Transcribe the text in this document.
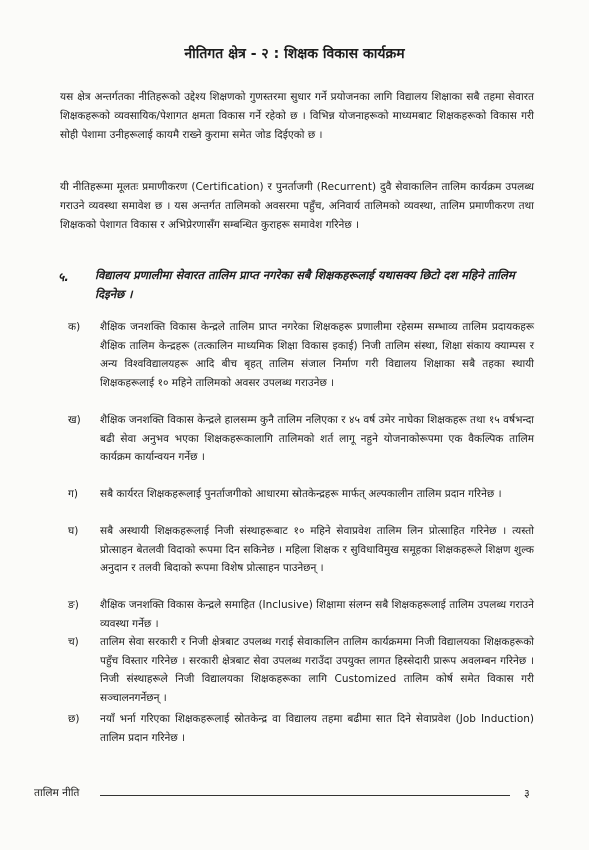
नीतिगत क्षेत्र - २ : शिक्षक विकास कार्यक्रम
यस क्षेत्र अन्तर्गतका नीतिहरूको उद्देश्य शिक्षणको गुणस्तरमा सुधार गर्ने प्रयोजनका लागि विद्यालय शिक्षाका सबै तहमा सेवारत शिक्षकहरूको व्यवसायिक/पेशागत क्षमता विकास गर्ने रहेको छ । विभिन्न योजनाहरूको माध्यमबाट शिक्षकहरूको विकास गरी सोही पेशामा उनीहरूलाई कायमै राख्ने कुरामा समेत जोड दिईएको छ ।
यी नीतिहरूमा मूलतः प्रमाणीकरण (Certification) र पुनर्ताजगी (Recurrent) दुवै सेवाकालिन तालिम कार्यक्रम उपलब्ध गराउने व्यवस्था समावेश छ । यस अन्तर्गत तालिमको अवसरमा पहुँच, अनिवार्य तालिमको व्यवस्था, तालिम प्रमाणीकरण तथा शिक्षकको पेशागत विकास र अभिप्रेरणासँग सम्बन्धित कुराहरू समावेश गरिनेछ ।
५. विद्यालय प्रणालीमा सेवारत तालिम प्राप्त नगरेका सबै शिक्षकहरूलाई यथासक्य छिटो दश महिने तालिम दिइनेछ ।
क)	शैक्षिक जनशक्ति विकास केन्द्रले तालिम प्राप्त नगरेका शिक्षकहरू प्रणालीमा रहेसम्म सम्भाव्य तालिम प्रदायकहरू शैक्षिक तालिम केन्द्रहरू (तत्कालिन माध्यमिक शिक्षा विकास इकाई) निजी तालिम संस्था, शिक्षा संकाय क्याम्पस र अन्य विश्वविद्यालयहरू आदि बीच बृहत् तालिम संजाल निर्माण गरी विद्यालय शिक्षाका सबै तहका स्थायी शिक्षकहरूलाई १० महिने तालिमको अवसर उपलब्ध गराउनेछ ।
ख)	शैक्षिक जनशक्ति विकास केन्द्रले हालसम्म कुनै तालिम नलिएका र ४५ वर्ष उमेर नाघेका शिक्षकहरू तथा १५ वर्षभन्दा बढी सेवा अनुभव भएका शिक्षकहरूकालागि तालिमको शर्त लागू नहुने योजनाकोरूपमा एक वैकल्पिक तालिम कार्यक्रम कार्यान्वयन गर्नेछ ।
ग)	सबै कार्यरत शिक्षकहरूलाई पुनर्ताजगीको आधारमा स्रोतकेन्द्रहरू मार्फत् अल्पकालीन तालिम प्रदान गरिनेछ ।
घ)	सबै अस्थायी शिक्षकहरूलाई निजी संस्थाहरूबाट १० महिने सेवाप्रवेश तालिम लिन प्रोत्साहित गरिनेछ । त्यस्तो प्रोत्साहन बेतलवी विदाको रूपमा दिन सकिनेछ । महिला शिक्षक र सुविधाविमुख समूहका शिक्षकहरूले शिक्षण शुल्क अनुदान र तलवी बिदाको रूपमा विशेष प्रोत्साहन पाउनेछन् ।
ङ)	शैक्षिक जनशक्ति विकास केन्द्रले समाहित (Inclusive) शिक्षामा संलग्न सबै शिक्षकहरूलाई तालिम उपलब्ध गराउने व्यवस्था गर्नेछ ।
च)	तालिम सेवा सरकारी र निजी क्षेत्रबाट उपलब्ध गराई सेवाकालिन तालिम कार्यक्रममा निजी विद्यालयका शिक्षकहरूको पहुँच विस्तार गरिनेछ । सरकारी क्षेत्रबाट सेवा उपलब्ध गराउँदा उपयुक्त लागत हिस्सेदारी प्रारूप अवलम्बन गरिनेछ । निजी संस्थाहरूले निजी विद्यालयका शिक्षकहरूका लागि Customized तालिम कोर्ष समेत विकास गरी सञ्चालनगर्नेछन् ।
छ)	नयाँ भर्ना गरिएका शिक्षकहरूलाई स्रोतकेन्द्र वा विद्यालय तहमा बढीमा सात दिने सेवाप्रवेश (Job Induction) तालिम प्रदान गरिनेछ ।
तालिम नीति	३
